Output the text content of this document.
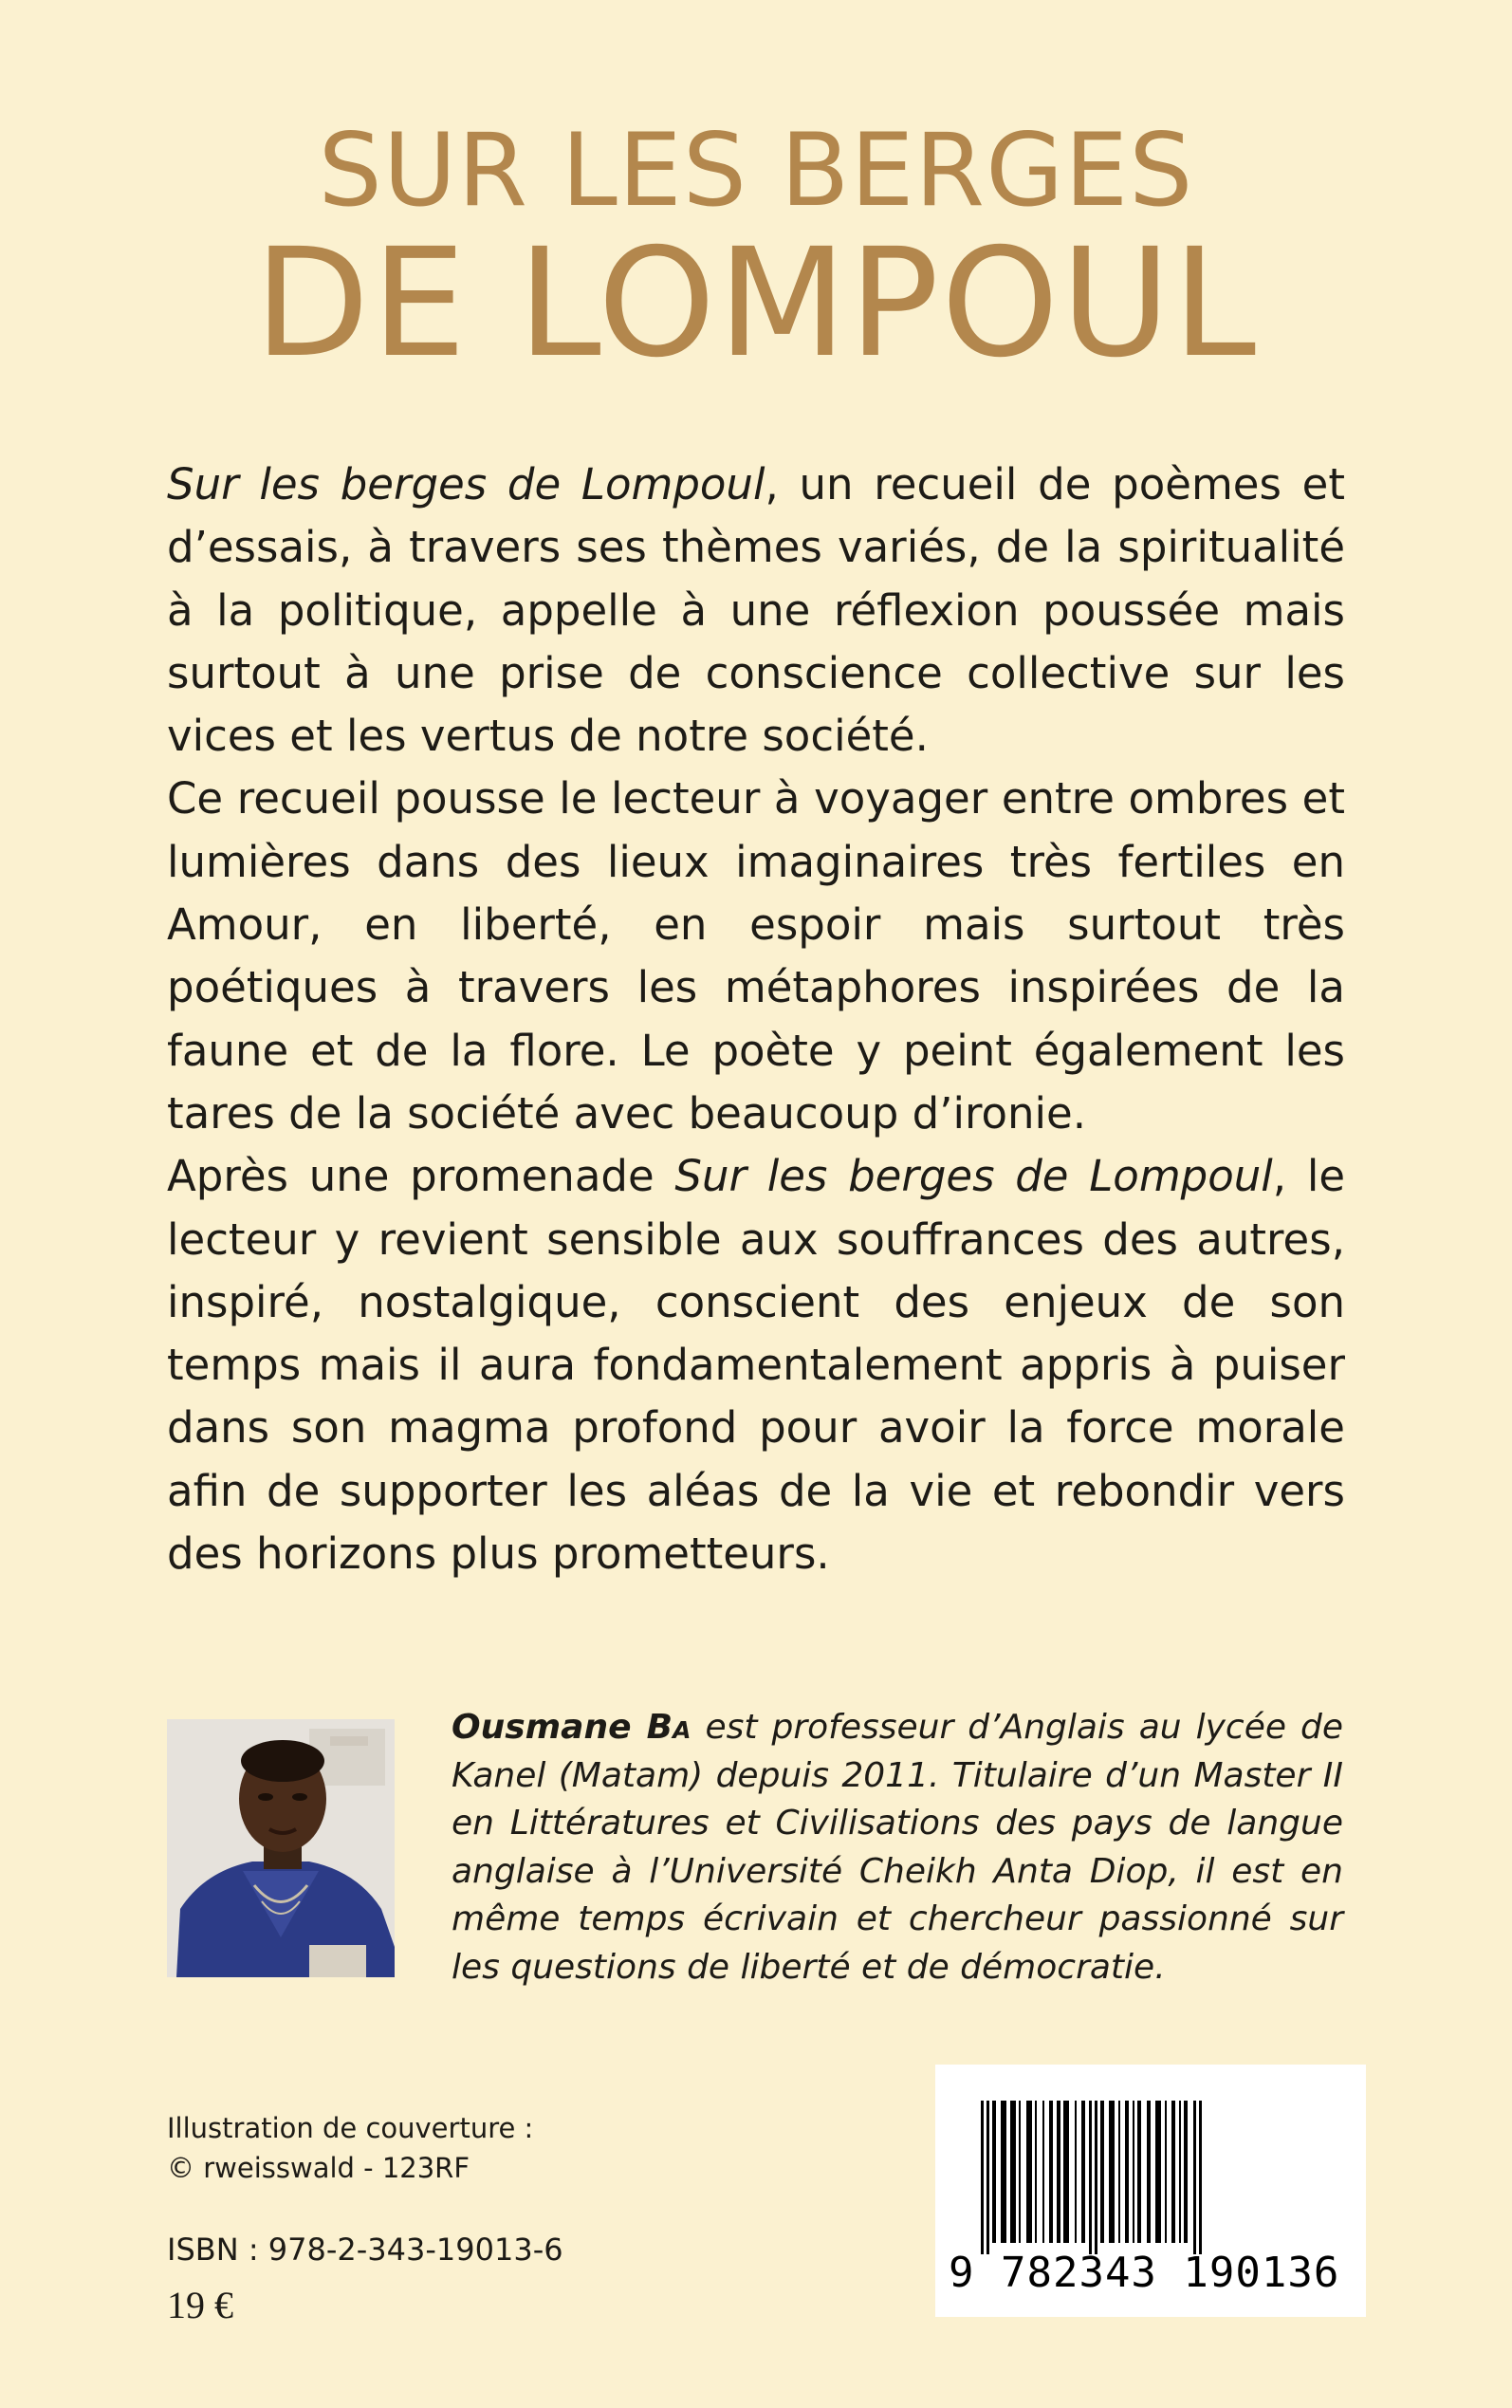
SUR LES BERGES
DE LOMPOUL

Sur les berges de Lompoul, un recueil de poèmes et d’essais, à travers ses thèmes variés, de la spiritualité à la politique, appelle à une réflexion poussée mais surtout à une prise de conscience collective sur les vices et les vertus de notre société.

Ce recueil pousse le lecteur à voyager entre ombres et lumières dans des lieux imaginaires très fertiles en Amour, en liberté, en espoir mais surtout très poétiques à travers les métaphores inspirées de la faune et de la flore. Le poète y peint également les tares de la société avec beaucoup d’ironie.

Après une promenade Sur les berges de Lompoul, le lecteur y revient sensible aux souffrances des autres, inspiré, nostalgique, conscient des enjeux de son temps mais il aura fondamentalement appris à puiser dans son magma profond pour avoir la force morale afin de supporter les aléas de la vie et rebondir vers des horizons plus prometteurs.

Ousmane Ba est professeur d’Anglais au lycée de Kanel (Matam) depuis 2011. Titulaire d’un Master II en Littératures et Civilisations des pays de langue anglaise à l’Université Cheikh Anta Diop, il est en même temps écrivain et chercheur passionné sur les questions de liberté et de démocratie.

Illustration de couverture :
© rweisswald - 123RF
ISBN : 978-2-343-19013-6
19 €
9 782343 190136
